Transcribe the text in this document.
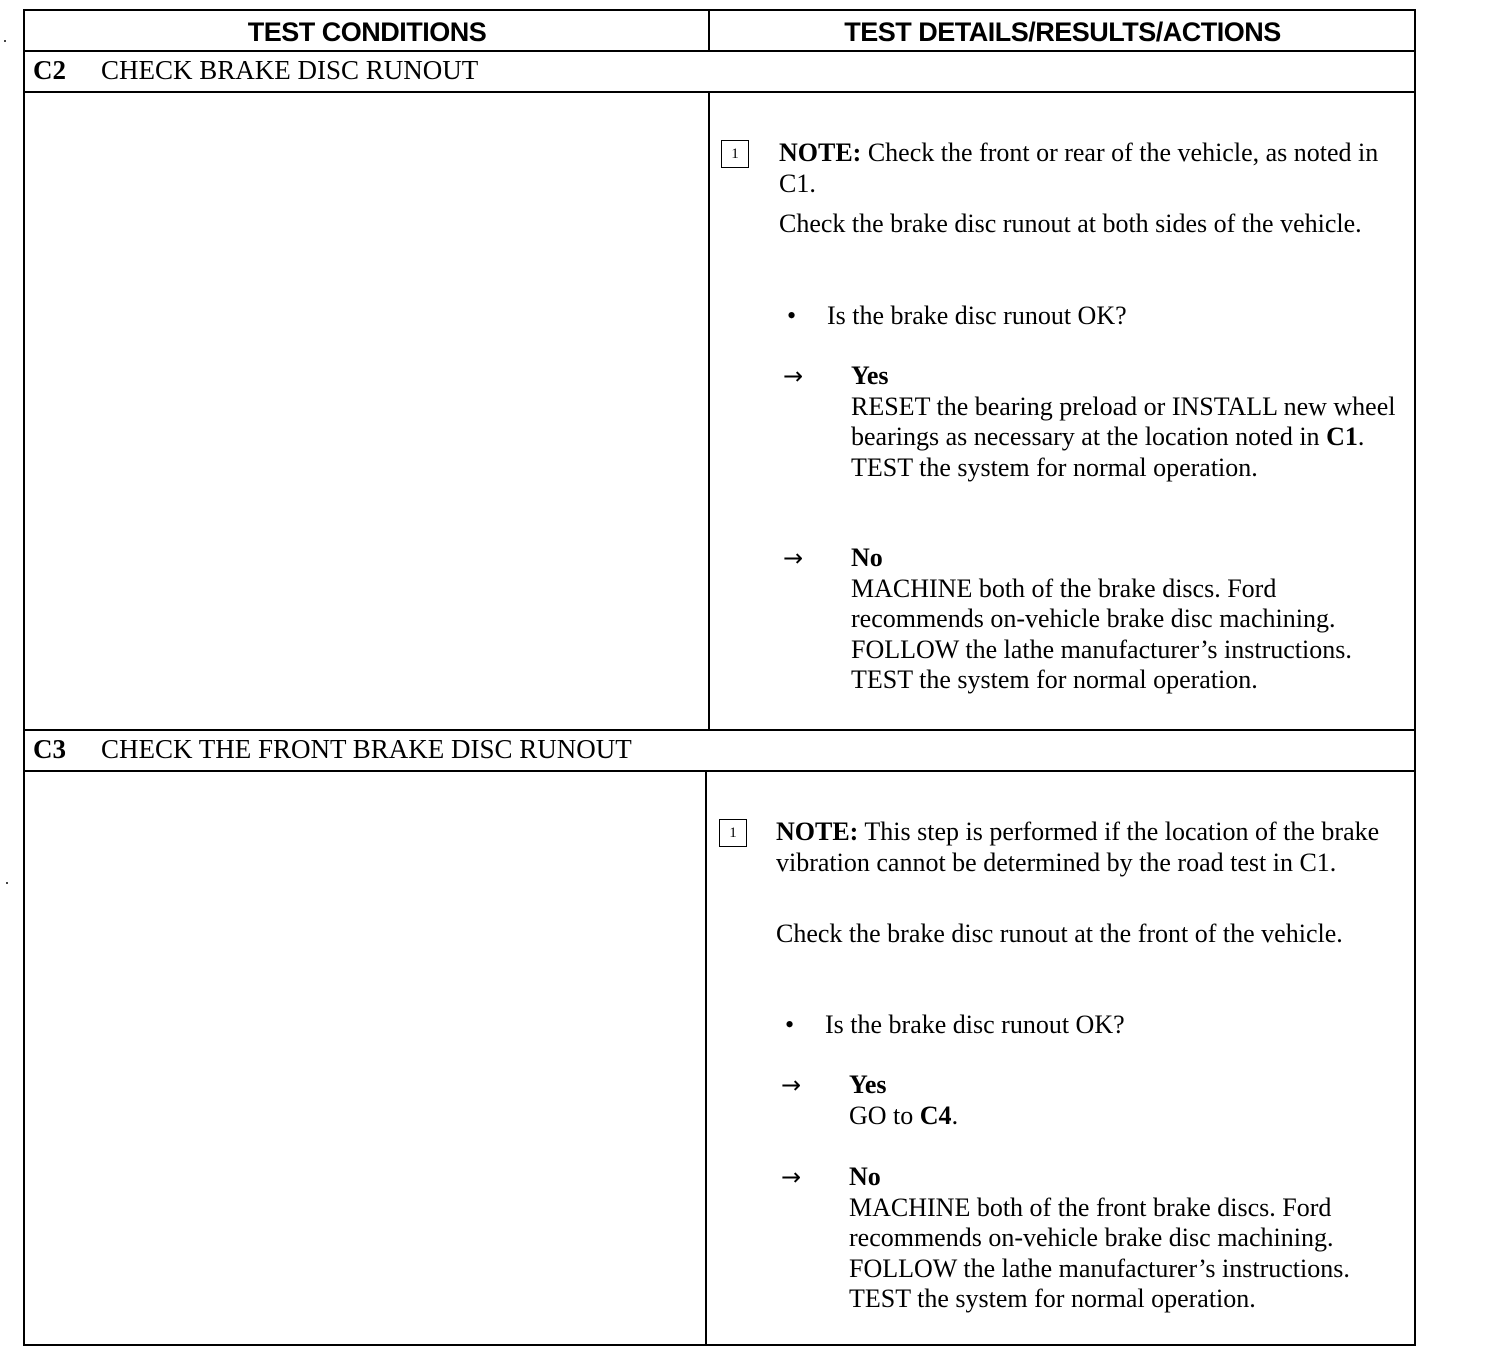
TEST CONDITIONS	TEST DETAILS/RESULTS/ACTIONS
C2 CHECK BRAKE DISC RUNOUT
1	NOTE: Check the front or rear of the vehicle, as noted in C1.
Check the brake disc runout at both sides of the vehicle.
• Is the brake disc runout OK?
→ Yes
RESET the bearing preload or INSTALL new wheel bearings as necessary at the location noted in C1. TEST the system for normal operation.
→ No
MACHINE both of the brake discs. Ford recommends on-vehicle brake disc machining. FOLLOW the lathe manufacturer’s instructions. TEST the system for normal operation.
C3 CHECK THE FRONT BRAKE DISC RUNOUT
1	NOTE: This step is performed if the location of the brake vibration cannot be determined by the road test in C1.
Check the brake disc runout at the front of the vehicle.
• Is the brake disc runout OK?
→ Yes
GO to C4.
→ No
MACHINE both of the front brake discs. Ford recommends on-vehicle brake disc machining. FOLLOW the lathe manufacturer’s instructions. TEST the system for normal operation.
